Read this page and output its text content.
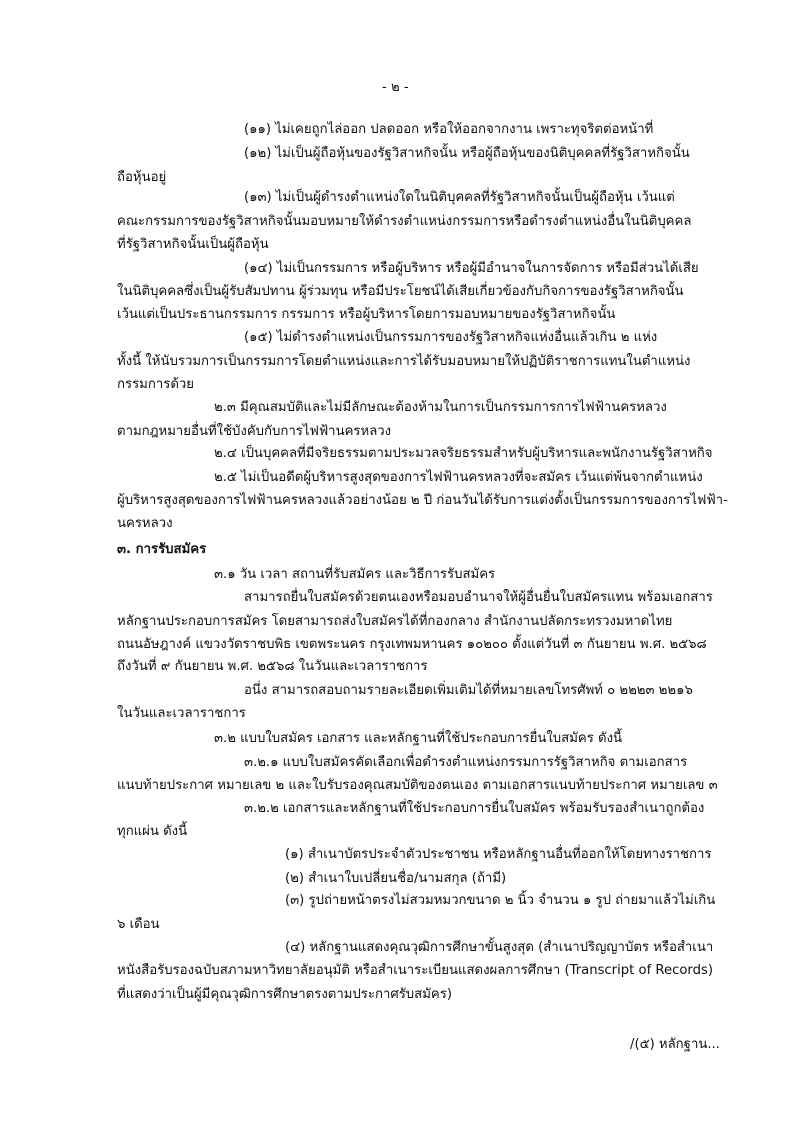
- ๒ -

(๑๑) ไม่เคยถูกไล่ออก ปลดออก หรือให้ออกจากงาน เพราะทุจริตต่อหน้าที่

(๑๒) ไม่เป็นผู้ถือหุ้นของรัฐวิสาหกิจนั้น หรือผู้ถือหุ้นของนิติบุคคลที่รัฐวิสาหกิจนั้น

ถือหุ้นอยู่

(๑๓) ไม่เป็นผู้ดำรงตำแหน่งใดในนิติบุคคลที่รัฐวิสาหกิจนั้นเป็นผู้ถือหุ้น เว้นแต่

คณะกรรมการของรัฐวิสาหกิจนั้นมอบหมายให้ดำรงตำแหน่งกรรมการหรือดำรงตำแหน่งอื่นในนิติบุคคล

ที่รัฐวิสาหกิจนั้นเป็นผู้ถือหุ้น

(๑๔) ไม่เป็นกรรมการ หรือผู้บริหาร หรือผู้มีอำนาจในการจัดการ หรือมีส่วนได้เสีย

ในนิติบุคคลซึ่งเป็นผู้รับสัมปทาน ผู้ร่วมทุน หรือมีประโยชน์ได้เสียเกี่ยวข้องกับกิจการของรัฐวิสาหกิจนั้น

เว้นแต่เป็นประธานกรรมการ กรรมการ หรือผู้บริหารโดยการมอบหมายของรัฐวิสาหกิจนั้น

(๑๕) ไม่ดำรงตำแหน่งเป็นกรรมการของรัฐวิสาหกิจแห่งอื่นแล้วเกิน ๒ แห่ง

ทั้งนี้ ให้นับรวมการเป็นกรรมการโดยตำแหน่งและการได้รับมอบหมายให้ปฏิบัติราชการแทนในตำแหน่ง

กรรมการด้วย

๒.๓ มีคุณสมบัติและไม่มีลักษณะต้องห้ามในการเป็นกรรมการการไฟฟ้านครหลวง

ตามกฎหมายอื่นที่ใช้บังคับกับการไฟฟ้านครหลวง

๒.๔ เป็นบุคคลที่มีจริยธรรมตามประมวลจริยธรรมสำหรับผู้บริหารและพนักงานรัฐวิสาหกิจ

๒.๕ ไม่เป็นอดีตผู้บริหารสูงสุดของการไฟฟ้านครหลวงที่จะสมัคร เว้นแต่พ้นจากตำแหน่ง

ผู้บริหารสูงสุดของการไฟฟ้านครหลวงแล้วอย่างน้อย ๒ ปี ก่อนวันได้รับการแต่งตั้งเป็นกรรมการของการไฟฟ้า-

นครหลวง

๓. การรับสมัคร

๓.๑ วัน เวลา สถานที่รับสมัคร และวิธีการรับสมัคร

สามารถยื่นใบสมัครด้วยตนเองหรือมอบอำนาจให้ผู้อื่นยื่นใบสมัครแทน พร้อมเอกสาร

หลักฐานประกอบการสมัคร โดยสามารถส่งใบสมัครได้ที่กองกลาง สำนักงานปลัดกระทรวงมหาดไทย

ถนนอัษฎางค์ แขวงวัดราชบพิธ เขตพระนคร กรุงเทพมหานคร ๑๐๒๐๐ ตั้งแต่วันที่ ๓ กันยายน พ.ศ. ๒๕๖๘

ถึงวันที่ ๙ กันยายน พ.ศ. ๒๕๖๘ ในวันและเวลาราชการ

อนึ่ง สามารถสอบถามรายละเอียดเพิ่มเติมได้ที่หมายเลขโทรศัพท์ ๐ ๒๒๒๓ ๒๒๑๖

ในวันและเวลาราชการ

๓.๒ แบบใบสมัคร เอกสาร และหลักฐานที่ใช้ประกอบการยื่นใบสมัคร ดังนี้

๓.๒.๑ แบบใบสมัครคัดเลือกเพื่อดำรงตำแหน่งกรรมการรัฐวิสาหกิจ ตามเอกสาร

แนบท้ายประกาศ หมายเลข ๒ และใบรับรองคุณสมบัติของตนเอง ตามเอกสารแนบท้ายประกาศ หมายเลข ๓

๓.๒.๒ เอกสารและหลักฐานที่ใช้ประกอบการยื่นใบสมัคร พร้อมรับรองสำเนาถูกต้อง

ทุกแผ่น ดังนี้

(๑) สำเนาบัตรประจำตัวประชาชน หรือหลักฐานอื่นที่ออกให้โดยทางราชการ

(๒) สำเนาใบเปลี่ยนชื่อ/นามสกุล (ถ้ามี)

(๓) รูปถ่ายหน้าตรงไม่สวมหมวกขนาด ๒ นิ้ว จำนวน ๑ รูป ถ่ายมาแล้วไม่เกิน

๖ เดือน

(๔) หลักฐานแสดงคุณวุฒิการศึกษาขั้นสูงสุด (สำเนาปริญญาบัตร หรือสำเนา

หนังสือรับรองฉบับสภามหาวิทยาลัยอนุมัติ หรือสำเนาระเบียนแสดงผลการศึกษา (Transcript of Records)

ที่แสดงว่าเป็นผู้มีคุณวุฒิการศึกษาตรงตามประกาศรับสมัคร)

/(๕) หลักฐาน...
